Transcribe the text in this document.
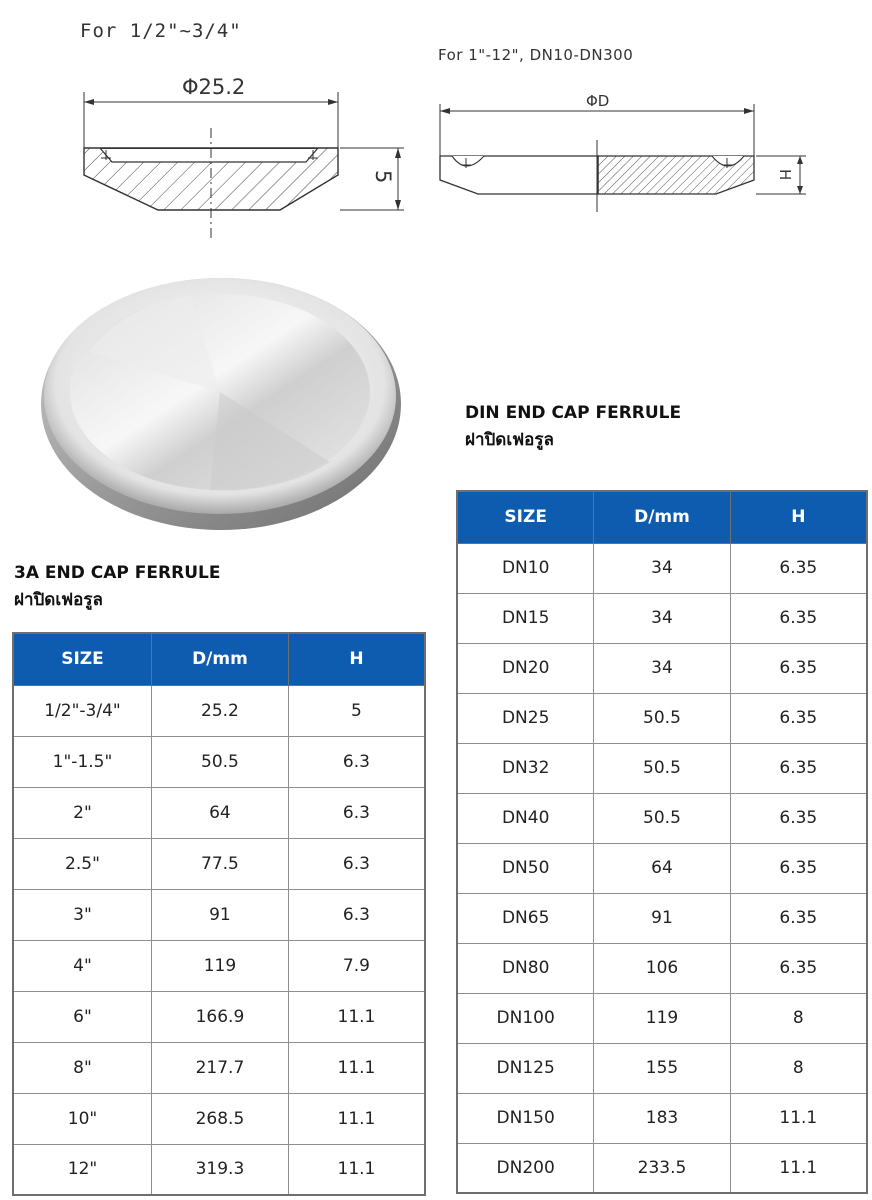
For 1/2"~3/4"
For 1"-12", DN10-DN300
Φ25.2
5
ΦD
H
DIN END CAP FERRULE
ฝาปิดเฟอรูล
3A END CAP FERRULE
ฝาปิดเฟอรูล
SIZE	D/mm	H
DN10	34	6.35
DN15	34	6.35
DN20	34	6.35
DN25	50.5	6.35
DN32	50.5	6.35
DN40	50.5	6.35
DN50	64	6.35
DN65	91	6.35
DN80	106	6.35
DN100	119	8
DN125	155	8
DN150	183	11.1
DN200	233.5	11.1
SIZE	D/mm	H
1/2"-3/4"	25.2	5
1"-1.5"	50.5	6.3
2"	64	6.3
2.5"	77.5	6.3
3"	91	6.3
4"	119	7.9
6"	166.9	11.1
8"	217.7	11.1
10"	268.5	11.1
12"	319.3	11.1
